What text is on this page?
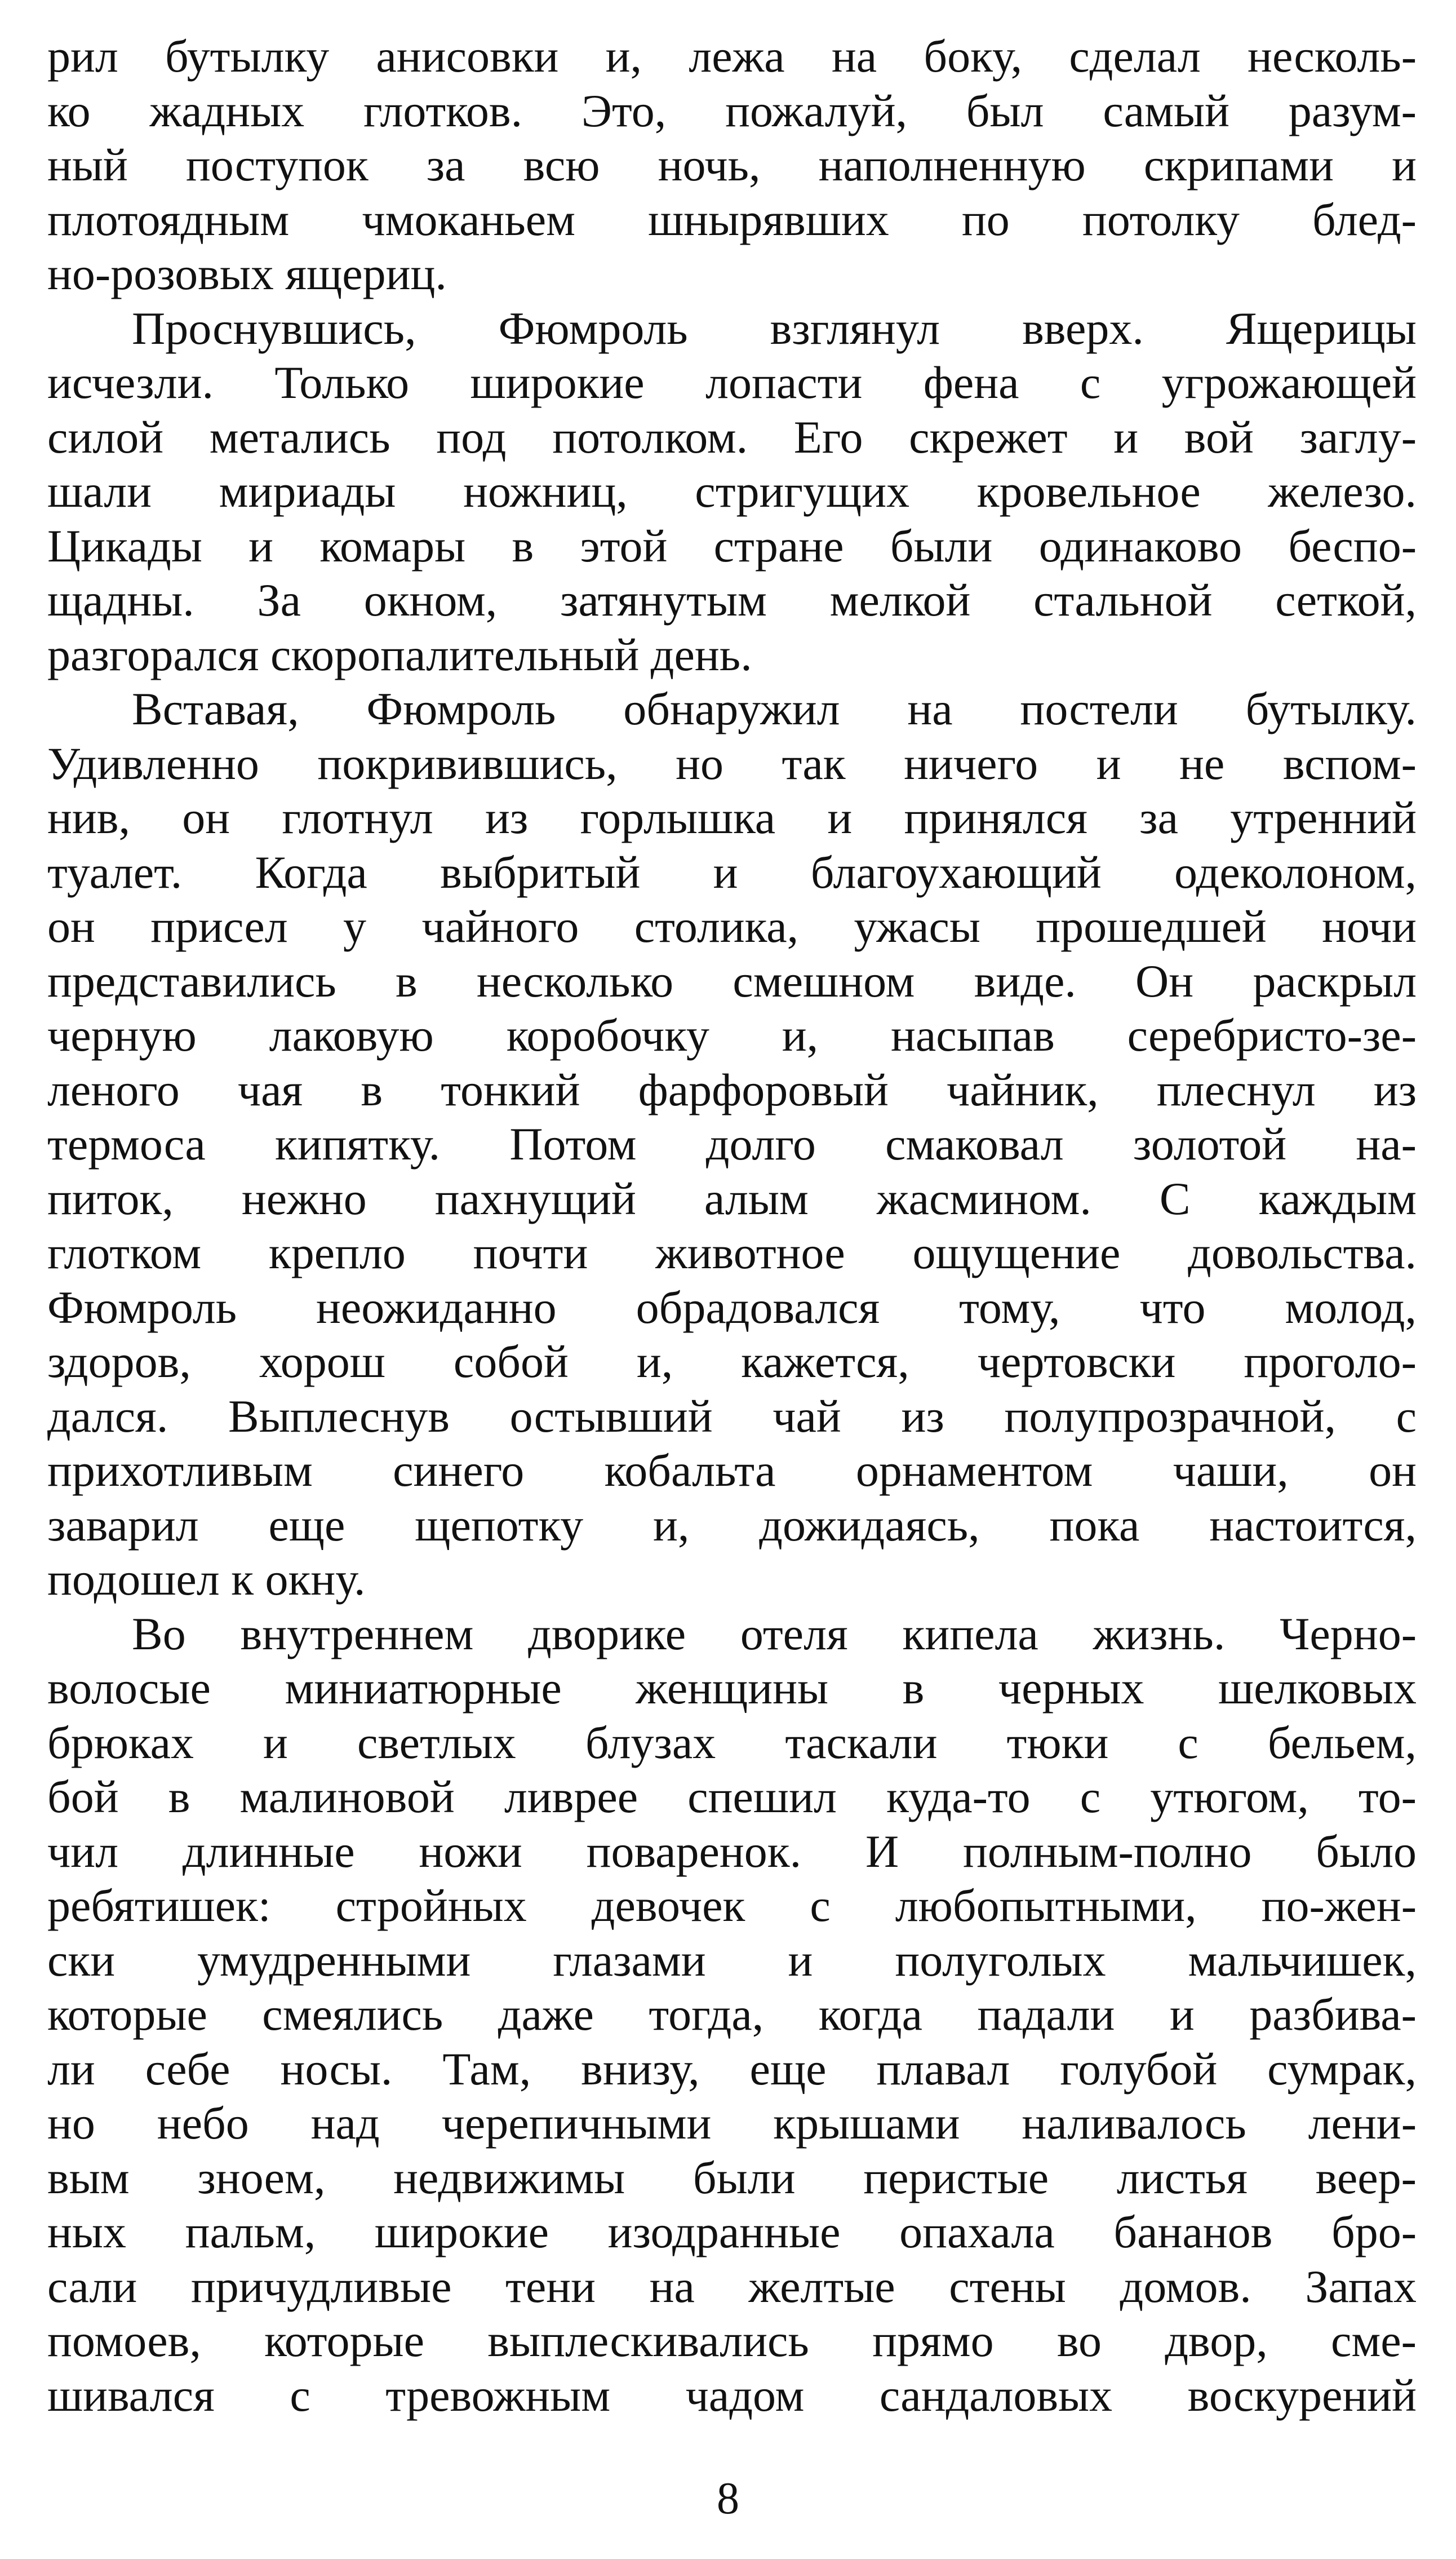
рил бутылку анисовки и, лежа на боку, сделал несколь-
ко жадных глотков. Это, пожалуй, был самый разум-
ный поступок за всю ночь, наполненную скрипами и
плотоядным чмоканьем шнырявших по потолку блед-
но-розовых ящериц.
Проснувшись, Фюмроль взглянул вверх. Ящерицы
исчезли. Только широкие лопасти фена с угрожающей
силой метались под потолком. Его скрежет и вой заглу-
шали мириады ножниц, стригущих кровельное железо.
Цикады и комары в этой стране были одинаково беспо-
щадны. За окном, затянутым мелкой стальной сеткой,
разгорался скоропалительный день.
Вставая, Фюмроль обнаружил на постели бутылку.
Удивленно покривившись, но так ничего и не вспом-
нив, он глотнул из горлышка и принялся за утренний
туалет. Когда выбритый и благоухающий одеколоном,
он присел у чайного столика, ужасы прошедшей ночи
представились в несколько смешном виде. Он раскрыл
черную лаковую коробочку и, насыпав серебристо-зе-
леного чая в тонкий фарфоровый чайник, плеснул из
термоса кипятку. Потом долго смаковал золотой на-
питок, нежно пахнущий алым жасмином. С каждым
глотком крепло почти животное ощущение довольства.
Фюмроль неожиданно обрадовался тому, что молод,
здоров, хорош собой и, кажется, чертовски проголо-
дался. Выплеснув остывший чай из полупрозрачной, с
прихотливым синего кобальта орнаментом чаши, он
заварил еще щепотку и, дожидаясь, пока настоится,
подошел к окну.
Во внутреннем дворике отеля кипела жизнь. Черно-
волосые миниатюрные женщины в черных шелковых
брюках и светлых блузах таскали тюки с бельем,
бой в малиновой ливрее спешил куда-то с утюгом, то-
чил длинные ножи поваренок. И полным-полно было
ребятишек: стройных девочек с любопытными, по-жен-
ски умудренными глазами и полуголых мальчишек,
которые смеялись даже тогда, когда падали и разбива-
ли себе носы. Там, внизу, еще плавал голубой сумрак,
но небо над черепичными крышами наливалось лени-
вым зноем, недвижимы были перистые листья веер-
ных пальм, широкие изодранные опахала бананов бро-
сали причудливые тени на желтые стены домов. Запах
помоев, которые выплескивались прямо во двор, сме-
шивался с тревожным чадом сандаловых воскурений
8
